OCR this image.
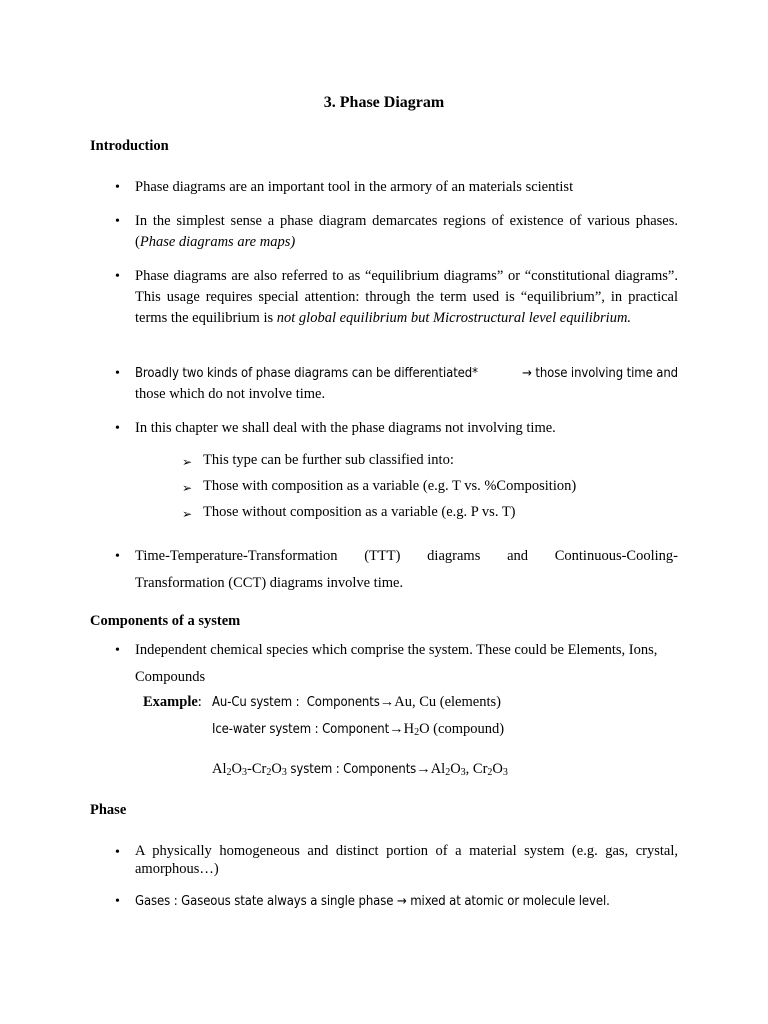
3. Phase Diagram
Introduction
• Phase diagrams are an important tool in the armory of an materials scientist
• In the simplest sense a phase diagram demarcates regions of existence of various phases. (Phase diagrams are maps)
• Phase diagrams are also referred to as “equilibrium diagrams” or “constitutional diagrams”. This usage requires special attention: through the term used is “equilibrium”, in practical terms the equilibrium is not global equilibrium but Microstructural level equilibrium.
• Broadly two kinds of phase diagrams can be differentiated*	→ those involving time and
those which do not involve time.
• In this chapter we shall deal with the phase diagrams not involving time.
➢ This type can be further sub classified into:
➢ Those with composition as a variable (e.g. T vs. %Composition)
➢ Those without composition as a variable (e.g. P vs. T)
• Time-Temperature-Transformation (TTT) diagrams and Continuous-Cooling-
Transformation (CCT) diagrams involve time.
Components of a system
• Independent chemical species which comprise the system. These could be Elements, Ions,
Compounds
Example: Au-Cu system : Components→Au, Cu (elements)
Ice-water system : Component→H2O (compound)
Al2O3-Cr2O3 system : Components→Al2O3, Cr2O3
Phase
• A physically homogeneous and distinct portion of a material system (e.g. gas, crystal, amorphous…)
• Gases : Gaseous state always a single phase → mixed at atomic or molecule level.
